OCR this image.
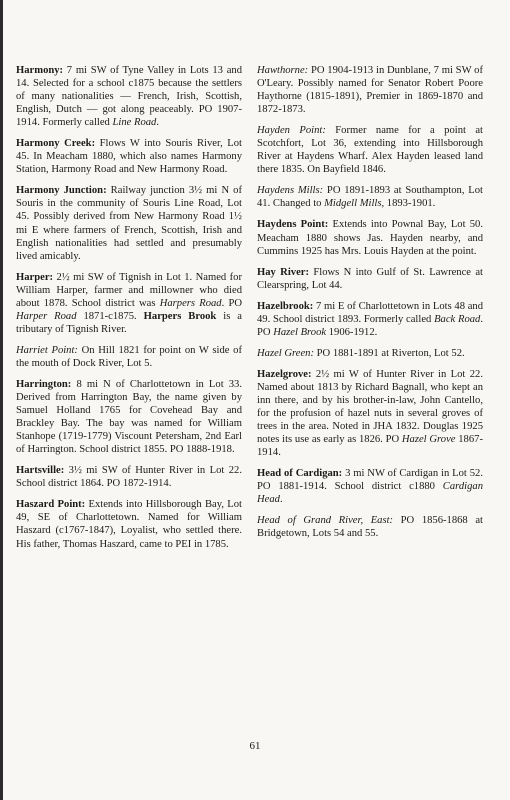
Harmony: 7 mi SW of Tyne Valley in Lots 13 and 14. Selected for a school c1875 because the settlers of many nationalities — French, Irish, Scottish, English, Dutch — got along peaceably. PO 1907-1914. Formerly called Line Road.

Harmony Creek: Flows W into Souris River, Lot 45. In Meacham 1880, which also names Harmony Station, Harmony Road and New Harmony Road.

Harmony Junction: Railway junction 3½ mi N of Souris in the community of Souris Line Road, Lot 45. Possibly derived from New Harmony Road 1½ mi E where farmers of French, Scottish, Irish and English nationalities had settled and presumably lived amicably.

Harper: 2½ mi SW of Tignish in Lot 1. Named for William Harper, farmer and millowner who died about 1878. School district was Harpers Road. PO Harper Road 1871-c1875. Harpers Brook is a tributary of Tignish River.

Harriet Point: On Hill 1821 for point on W side of the mouth of Dock River, Lot 5.

Harrington: 8 mi N of Charlottetown in Lot 33. Derived from Harrington Bay, the name given by Samuel Holland 1765 for Covehead Bay and Brackley Bay. The bay was named for William Stanhope (1719-1779) Viscount Petersham, 2nd Earl of Harrington. School district 1855. PO 1888-1918.

Hartsville: 3½ mi SW of Hunter River in Lot 22. School district 1864. PO 1872-1914.

Haszard Point: Extends into Hillsborough Bay, Lot 49, SE of Charlottetown. Named for William Haszard (c1767-1847), Loyalist, who settled there. His father, Thomas Haszard, came to PEI in 1785.

Hawthorne: PO 1904-1913 in Dunblane, 7 mi SW of O'Leary. Possibly named for Senator Robert Poore Haythorne (1815-1891), Premier in 1869-1870 and 1872-1873.

Hayden Point: Former name for a point at Scotchfort, Lot 36, extending into Hillsborough River at Haydens Wharf. Alex Hayden leased land there 1835. On Bayfield 1846.

Haydens Mills: PO 1891-1893 at Southampton, Lot 41. Changed to Midgell Mills, 1893-1901.

Haydens Point: Extends into Pownal Bay, Lot 50. Meacham 1880 shows Jas. Hayden nearby, and Cummins 1925 has Mrs. Louis Hayden at the point.

Hay River: Flows N into Gulf of St. Lawrence at Clearspring, Lot 44.

Hazelbrook: 7 mi E of Charlottetown in Lots 48 and 49. School district 1893. Formerly called Back Road. PO Hazel Brook 1906-1912.

Hazel Green: PO 1881-1891 at Riverton, Lot 52.

Hazelgrove: 2½ mi W of Hunter River in Lot 22. Named about 1813 by Richard Bagnall, who kept an inn there, and by his brother-in-law, John Cantello, for the profusion of hazel nuts in several groves of trees in the area. Noted in JHA 1832. Douglas 1925 notes its use as early as 1826. PO Hazel Grove 1867-1914.

Head of Cardigan: 3 mi NW of Cardigan in Lot 52. PO 1881-1914. School district c1880 Cardigan Head.

Head of Grand River, East: PO 1856-1868 at Bridgetown, Lots 54 and 55.

61
